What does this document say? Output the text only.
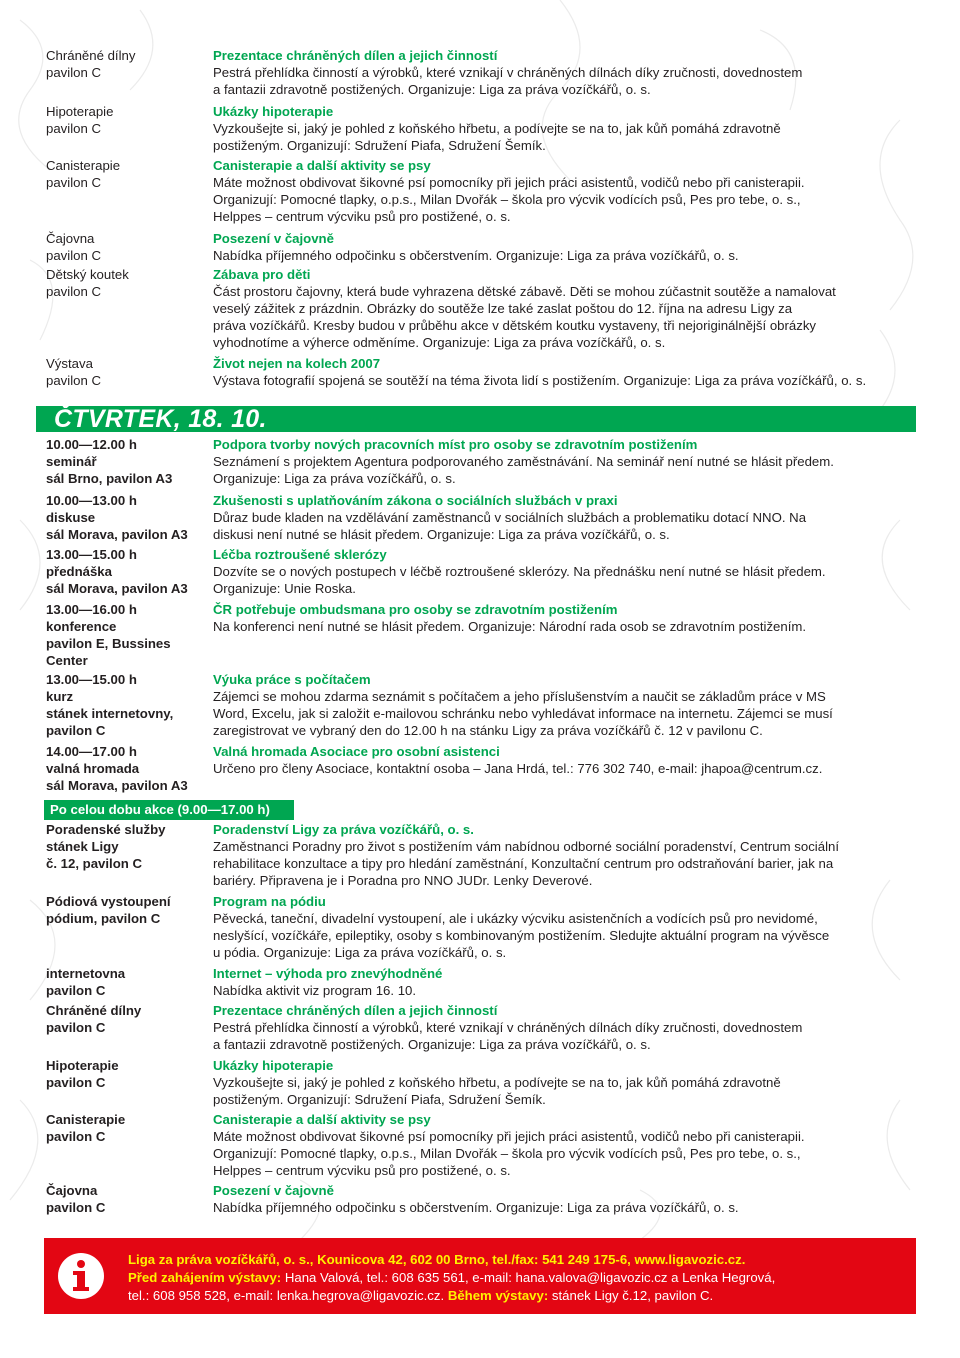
Chráněné dílny
pavilon C
Prezentace chráněných dílen a jejich činností
Pestrá přehlídka činností a výrobků, které vznikají v chráněných dílnách díky zručnosti, dovednostem
a fantazii zdravotně postižených. Organizuje: Liga za práva vozíčkářů, o. s.
Hipoterapie
pavilon C
Ukázky hipoterapie
Vyzkoušejte si, jaký je pohled z koňského hřbetu, a podívejte se na to, jak kůň pomáhá zdravotně
postiženým. Organizují: Sdružení Piafa, Sdružení Šemík.
Canisterapie
pavilon C
Canisterapie a další aktivity se psy
Máte možnost obdivovat šikovné psí pomocníky při jejich práci asistentů, vodičů nebo při canisterapii.
Organizují: Pomocné tlapky, o.p.s., Milan Dvořák – škola pro výcvik vodících psů, Pes pro tebe, o. s.,
Helppes – centrum výcviku psů pro postižené, o. s.
Čajovna
pavilon C
Posezení v čajovně
Nabídka příjemného odpočinku s občerstvením. Organizuje: Liga za práva vozíčkářů, o. s.
Dětský koutek
pavilon C
Zábava pro děti
Část prostoru čajovny, která bude vyhrazena dětské zábavě. Děti se mohou zúčastnit soutěže a namalovat
veselý zážitek z prázdnin. Obrázky do soutěže lze také zaslat poštou do 12. října na adresu Ligy za
práva vozíčkářů. Kresby budou v průběhu akce v dětském koutku vystaveny, tři nejoriginálnější obrázky
vyhodnotíme a výherce odměníme. Organizuje: Liga za práva vozíčkářů, o. s.
Výstava
pavilon C
Život nejen na kolech 2007
Výstava fotografií spojená se soutěží na téma života lidí s postižením. Organizuje: Liga za práva vozíčkářů, o. s.
ČTVRTEK, 18. 10.
10.00—12.00 h
seminář
sál Brno, pavilon A3
Podpora tvorby nových pracovních míst pro osoby se zdravotním postižením
Seznámení s projektem Agentura podporovaného zaměstnávání. Na seminář není nutné se hlásit předem.
Organizuje: Liga za práva vozíčkářů, o. s.
10.00—13.00 h
diskuse
sál Morava, pavilon A3
Zkušenosti s uplatňováním zákona o sociálních službách v praxi
Důraz bude kladen na vzdělávání zaměstnanců v sociálních službách a problematiku dotací NNO. Na
diskusi není nutné se hlásit předem. Organizuje: Liga za práva vozíčkářů, o. s.
13.00—15.00 h
přednáška
sál Morava, pavilon A3
Léčba roztroušené sklerózy
Dozvíte se o nových postupech v léčbě roztroušené sklerózy. Na přednášku není nutné se hlásit předem.
Organizuje: Unie Roska.
13.00—16.00 h
konference
pavilon E, Bussines
Center
ČR potřebuje ombudsmana pro osoby se zdravotním postižením
Na konferenci není nutné se hlásit předem. Organizuje: Národní rada osob se zdravotním postižením.
13.00—15.00 h
kurz
stánek internetovny,
pavilon C
Výuka práce s počítačem
Zájemci se mohou zdarma seznámit s počítačem a jeho příslušenstvím a naučit se základům práce v MS
Word, Excelu, jak si založit e-mailovou schránku nebo vyhledávat informace na internetu. Zájemci se musí
zaregistrovat ve vybraný den do 12.00 h na stánku Ligy za práva vozíčkářů č. 12 v pavilonu C.
14.00—17.00 h
valná hromada
sál Morava, pavilon A3
Valná hromada Asociace pro osobní asistenci
Určeno pro členy Asociace, kontaktní osoba – Jana Hrdá, tel.: 776 302 740, e-mail: jhapoa@centrum.cz.
Po celou dobu akce (9.00—17.00 h)
Poradenské služby
stánek Ligy
č. 12, pavilon C
Poradenství Ligy za práva vozíčkářů, o. s.
Zaměstnanci Poradny pro život s postižením vám nabídnou odborné sociální poradenství, Centrum sociální
rehabilitace konzultace a tipy pro hledání zaměstnání, Konzultační centrum pro odstraňování barier, jak na
bariéry. Připravena je i Poradna pro NNO JUDr. Lenky Deverové.
Pódiová vystoupení
pódium, pavilon C
Program na pódiu
Pěvecká, taneční, divadelní vystoupení, ale i ukázky výcviku asistenčních a vodících psů pro nevidomé,
neslyšící, vozíčkáře, epileptiky, osoby s kombinovaným postižením. Sledujte aktuální program na vývěsce
u pódia. Organizuje: Liga za práva vozíčkářů, o. s.
internetovna
pavilon C
Internet – výhoda pro znevýhodněné
Nabídka aktivit viz program 16. 10.
Chráněné dílny
pavilon C
Prezentace chráněných dílen a jejich činností
Pestrá přehlídka činností a výrobků, které vznikají v chráněných dílnách díky zručnosti, dovednostem
a fantazii zdravotně postižených. Organizuje: Liga za práva vozíčkářů, o. s.
Hipoterapie
pavilon C
Ukázky hipoterapie
Vyzkoušejte si, jaký je pohled z koňského hřbetu, a podívejte se na to, jak kůň pomáhá zdravotně
postiženým. Organizují: Sdružení Piafa, Sdružení Šemík.
Canisterapie
pavilon C
Canisterapie a další aktivity se psy
Máte možnost obdivovat šikovné psí pomocníky při jejich práci asistentů, vodičů nebo při canisterapii.
Organizují: Pomocné tlapky, o.p.s., Milan Dvořák – škola pro výcvik vodících psů, Pes pro tebe, o. s.,
Helppes – centrum výcviku psů pro postižené, o. s.
Čajovna
pavilon C
Posezení v čajovně
Nabídka příjemného odpočinku s občerstvením. Organizuje: Liga za práva vozíčkářů, o. s.
Liga za práva vozíčkářů, o. s., Kounicova 42, 602 00 Brno, tel./fax: 541 249 175-6, www.ligavozic.cz.
Před zahájením výstavy: Hana Valová, tel.: 608 635 561, e-mail: hana.valova@ligavozic.cz a Lenka Hegrová,
tel.: 608 958 528, e-mail: lenka.hegrova@ligavozic.cz. Během výstavy: stánek Ligy č.12, pavilon C.
